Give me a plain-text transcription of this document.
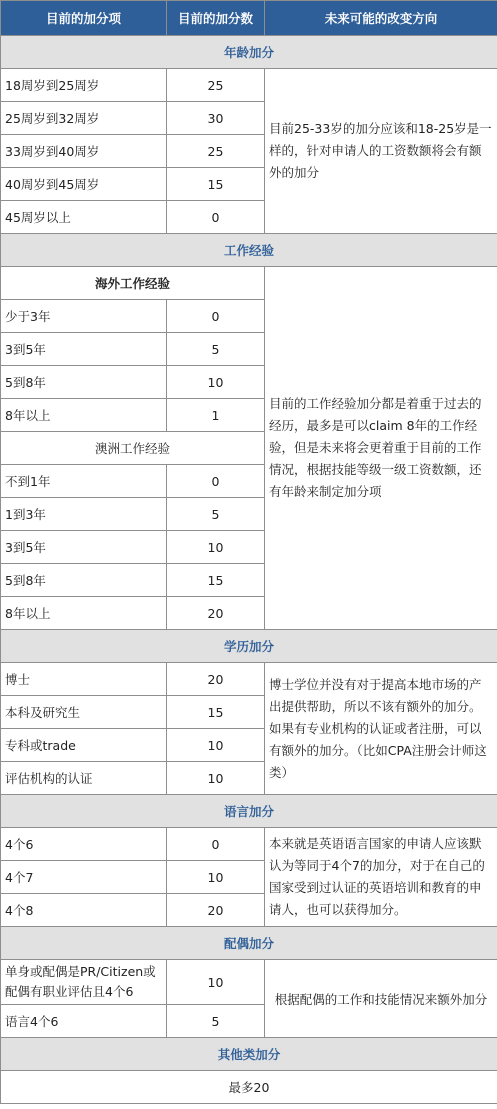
目前的加分项	目前的加分数	未来可能的改变方向
年龄加分		
18周岁到25周岁	25	目前25-33岁的加分应该和18-25岁是一样的，针对申请人的工资数额将会有额外的加分
25周岁到32周岁	30	
33周岁到40周岁	25	
40周岁到45周岁	15	
45周岁以上	0	
工作经验		
海外工作经验		目前的工作经验加分都是着重于过去的经历，最多是可以claim 8年的工作经验，但是未来将会更着重于目前的工作情况，根据技能等级一级工资数额，还有年龄来制定加分项
少于3年	0	
3到5年	5	
5到8年	10	
8年以上	1	
澳洲工作经验		
不到1年	0	
1到3年	5	
3到5年	10	
5到8年	15	
8年以上	20	
学历加分		
博士	20	博士学位并没有对于提高本地市场的产出提供帮助，所以不该有额外的加分。如果有专业机构的认证或者注册，可以有额外的加分。（比如CPA注册会计师这类）
本科及研究生	15	
专科或trade	10	
评估机构的认证	10	
语言加分		
4个6	0	本来就是英语语言国家的申请人应该默认为等同于4个7的加分，对于在自己的国家受到过认证的英语培训和教育的申请人，也可以获得加分。
4个7	10	
4个8	20	
配偶加分		
单身或配偶是PR/Citizen或配偶有职业评估且4个6	10	根据配偶的工作和技能情况来额外加分
语言4个6	5	
其他类加分		
最多20		
